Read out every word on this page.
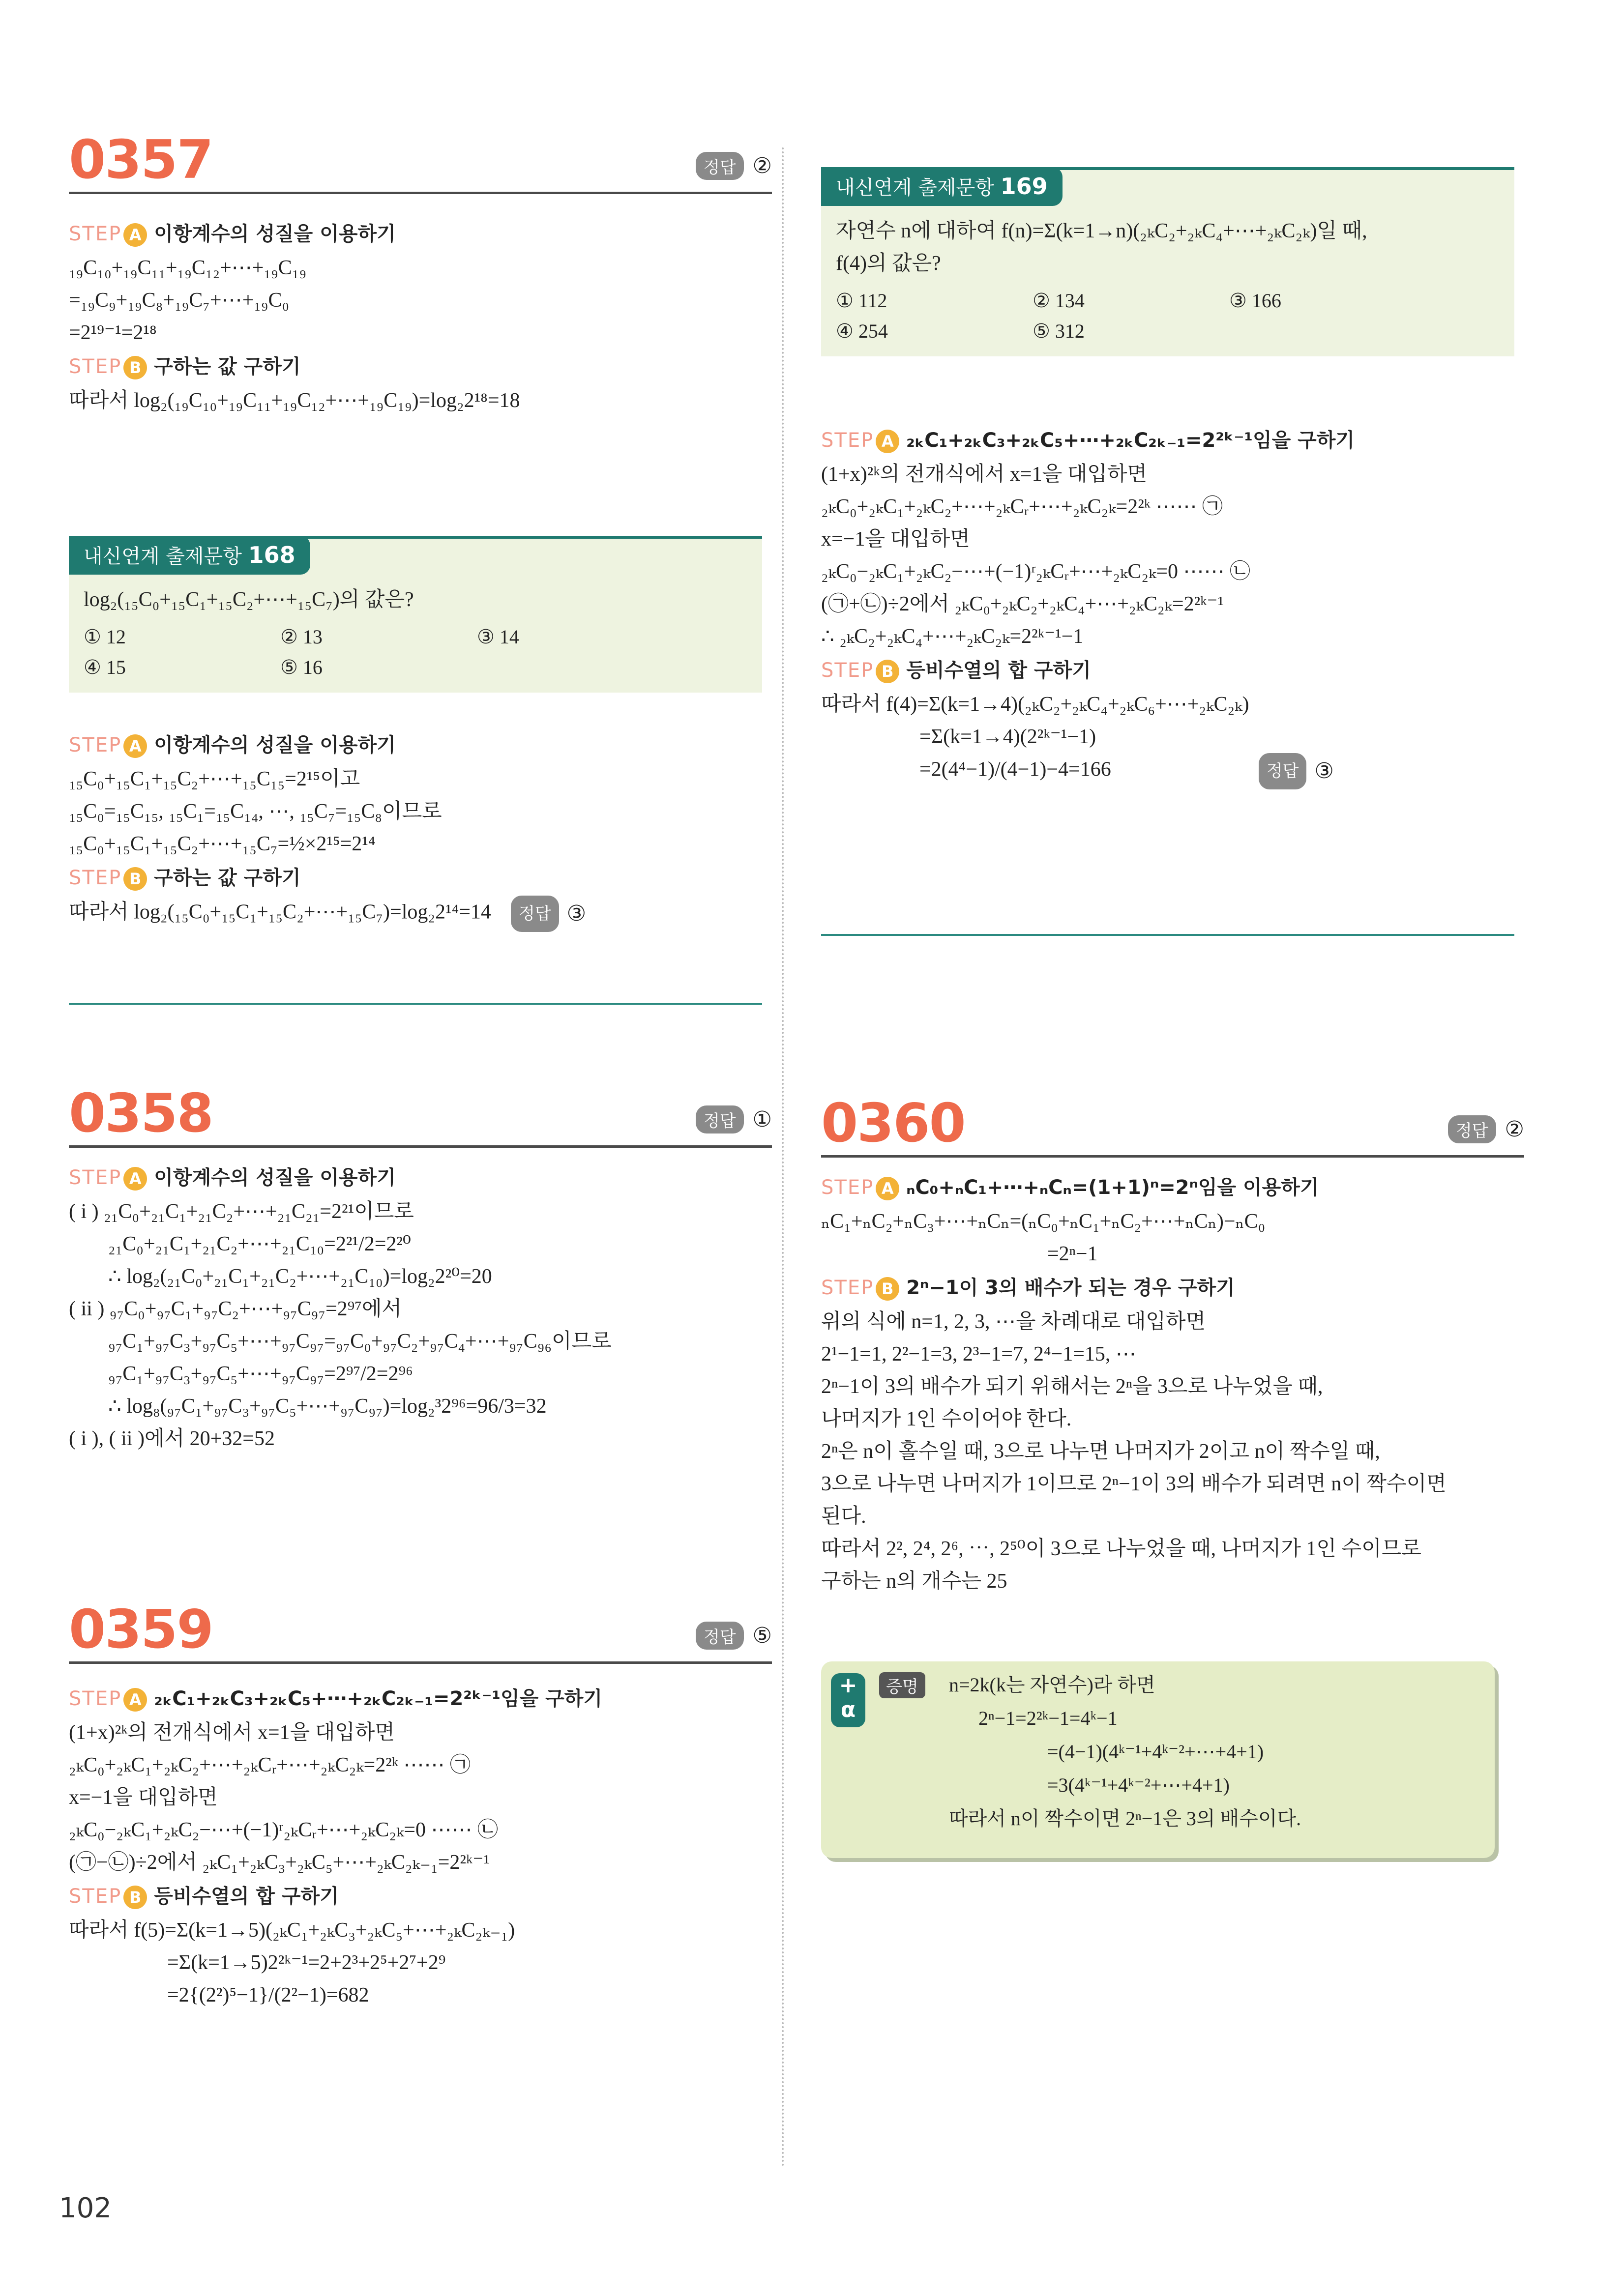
0357	정답 ②
STEP A 이항계수의 성질을 이용하기
₁₉C₁₀+₁₉C₁₁+₁₉C₁₂+⋯+₁₉C₁₉
=₁₉C₉+₁₉C₈+₁₉C₇+⋯+₁₉C₀
=2¹⁹⁻¹=2¹⁸
STEP B 구하는 값 구하기
따라서 log₂(₁₉C₁₀+₁₉C₁₁+₁₉C₁₂+⋯+₁₉C₁₉)=log₂2¹⁸=18
내신연계 출제문항 168
log₂(₁₅C₀+₁₅C₁+₁₅C₂+⋯+₁₅C₇)의 값은?
① 12	② 13	③ 14
④ 15	⑤ 16
STEP A 이항계수의 성질을 이용하기
₁₅C₀+₁₅C₁+₁₅C₂+⋯+₁₅C₁₅=2¹⁵이고
₁₅C₀=₁₅C₁₅, ₁₅C₁=₁₅C₁₄, ⋯, ₁₅C₇=₁₅C₈이므로
₁₅C₀+₁₅C₁+₁₅C₂+⋯+₁₅C₇=½×2¹⁵=2¹⁴
STEP B 구하는 값 구하기
따라서 log₂(₁₅C₀+₁₅C₁+₁₅C₂+⋯+₁₅C₇)=log₂2¹⁴=14	정답 ③
0358	정답 ①
STEP A 이항계수의 성질을 이용하기
( i ) ₂₁C₀+₂₁C₁+₂₁C₂+⋯+₂₁C₂₁=2²¹이므로
₂₁C₀+₂₁C₁+₂₁C₂+⋯+₂₁C₁₀=2²¹/2=2²⁰
∴ log₂(₂₁C₀+₂₁C₁+₂₁C₂+⋯+₂₁C₁₀)=log₂2²⁰=20
( ii ) ₉₇C₀+₉₇C₁+₉₇C₂+⋯+₉₇C₉₇=2⁹⁷에서
₉₇C₁+₉₇C₃+₉₇C₅+⋯+₉₇C₉₇=₉₇C₀+₉₇C₂+₉₇C₄+⋯+₉₇C₉₆이므로
₉₇C₁+₉₇C₃+₉₇C₅+⋯+₉₇C₉₇=2⁹⁷/2=2⁹⁶
∴ log₈(₉₇C₁+₉₇C₃+₉₇C₅+⋯+₉₇C₉₇)=log₂³2⁹⁶=96/3=32
( i ), ( ii )에서 20+32=52
0359	정답 ⑤
STEP A ₂ₖC₁+₂ₖC₃+₂ₖC₅+⋯+₂ₖC₂ₖ₋₁=2²ᵏ⁻¹임을 구하기
(1+x)²ᵏ의 전개식에서 x=1을 대입하면
₂ₖC₀+₂ₖC₁+₂ₖC₂+⋯+₂ₖCᵣ+⋯+₂ₖC₂ₖ=2²ᵏ ⋯⋯ ㉠
x=−1을 대입하면
₂ₖC₀−₂ₖC₁+₂ₖC₂−⋯+(−1)ʳ₂ₖCᵣ+⋯+₂ₖC₂ₖ=0 ⋯⋯ ㉡
(㉠−㉡)÷2에서 ₂ₖC₁+₂ₖC₃+₂ₖC₅+⋯+₂ₖC₂ₖ₋₁=2²ᵏ⁻¹
STEP B 등비수열의 합 구하기
따라서 f(5)=Σ(k=1→5)(₂ₖC₁+₂ₖC₃+₂ₖC₅+⋯+₂ₖC₂ₖ₋₁)
=Σ(k=1→5)2²ᵏ⁻¹=2+2³+2⁵+2⁷+2⁹
=2{(2²)⁵−1}/(2²−1)=682
내신연계 출제문항 169
자연수 n에 대하여 f(n)=Σ(k=1→n)(₂ₖC₂+₂ₖC₄+⋯+₂ₖC₂ₖ)일 때,
f(4)의 값은?
① 112	② 134	③ 166
④ 254	⑤ 312
STEP A ₂ₖC₁+₂ₖC₃+₂ₖC₅+⋯+₂ₖC₂ₖ₋₁=2²ᵏ⁻¹임을 구하기
(1+x)²ᵏ의 전개식에서 x=1을 대입하면
₂ₖC₀+₂ₖC₁+₂ₖC₂+⋯+₂ₖCᵣ+⋯+₂ₖC₂ₖ=2²ᵏ ⋯⋯ ㉠
x=−1을 대입하면
₂ₖC₀−₂ₖC₁+₂ₖC₂−⋯+(−1)ʳ₂ₖCᵣ+⋯+₂ₖC₂ₖ=0 ⋯⋯ ㉡
(㉠+㉡)÷2에서 ₂ₖC₀+₂ₖC₂+₂ₖC₄+⋯+₂ₖC₂ₖ=2²ᵏ⁻¹
∴ ₂ₖC₂+₂ₖC₄+⋯+₂ₖC₂ₖ=2²ᵏ⁻¹−1
STEP B 등비수열의 합 구하기
따라서 f(4)=Σ(k=1→4)(₂ₖC₂+₂ₖC₄+₂ₖC₆+⋯+₂ₖC₂ₖ)
=Σ(k=1→4)(2²ᵏ⁻¹−1)
=2(4⁴−1)/(4−1)−4=166	정답 ③
0360	정답 ②
STEP A ₙC₀+ₙC₁+⋯+ₙCₙ=(1+1)ⁿ=2ⁿ임을 이용하기
ₙC₁+ₙC₂+ₙC₃+⋯+ₙCₙ=(ₙC₀+ₙC₁+ₙC₂+⋯+ₙCₙ)−ₙC₀
=2ⁿ−1
STEP B 2ⁿ−1이 3의 배수가 되는 경우 구하기
위의 식에 n=1, 2, 3, ⋯을 차례대로 대입하면
2¹−1=1, 2²−1=3, 2³−1=7, 2⁴−1=15, ⋯
2ⁿ−1이 3의 배수가 되기 위해서는 2ⁿ을 3으로 나누었을 때,
나머지가 1인 수이어야 한다.
2ⁿ은 n이 홀수일 때, 3으로 나누면 나머지가 2이고 n이 짝수일 때,
3으로 나누면 나머지가 1이므로 2ⁿ−1이 3의 배수가 되려면 n이 짝수이면
된다.
따라서 2², 2⁴, 2⁶, ⋯, 2⁵⁰이 3으로 나누었을 때, 나머지가 1인 수이므로
구하는 n의 개수는 25
+
α
증명	n=2k(k는 자연수)라 하면
2ⁿ−1=2²ᵏ−1=4ᵏ−1
=(4−1)(4ᵏ⁻¹+4ᵏ⁻²+⋯+4+1)
=3(4ᵏ⁻¹+4ᵏ⁻²+⋯+4+1)
따라서 n이 짝수이면 2ⁿ−1은 3의 배수이다.
102
